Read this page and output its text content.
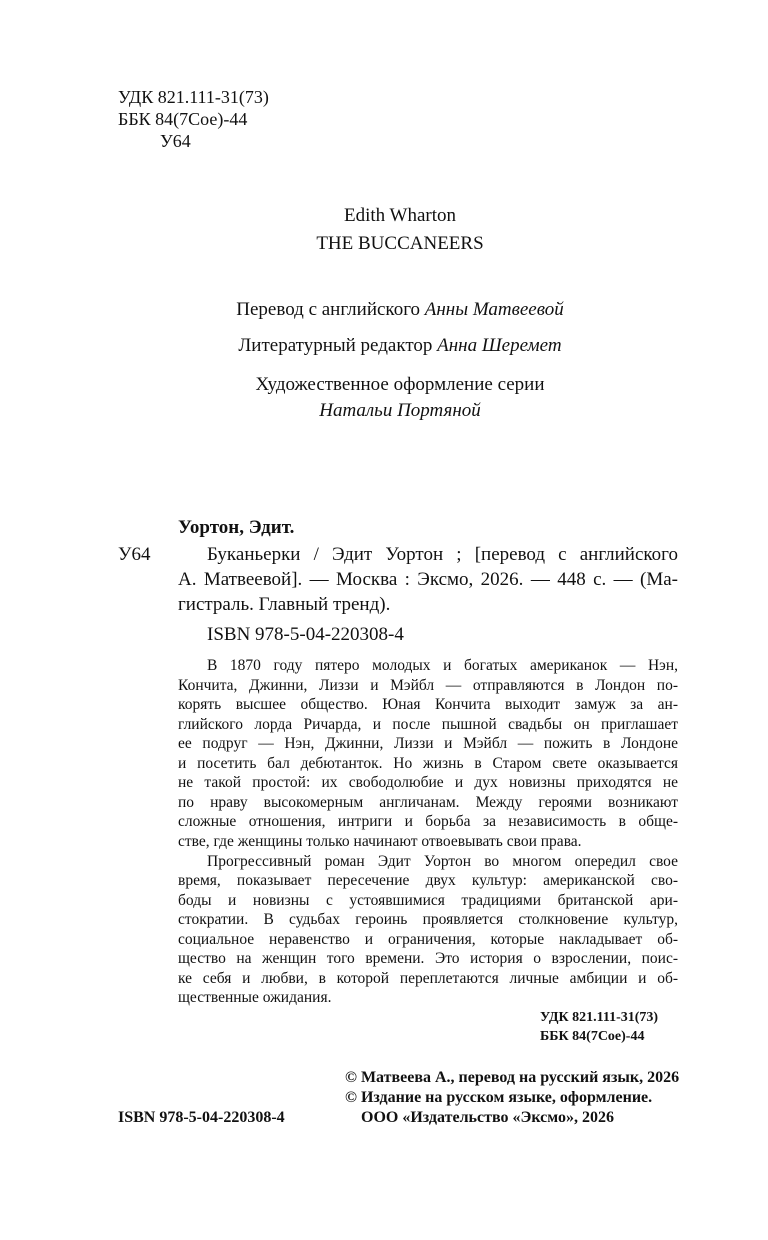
УДК 821.111-31(73)
ББК 84(7Сое)-44
У64
Edith Wharton
THE BUCCANEERS
Перевод с английского Анны Матвеевой
Литературный редактор Анна Шеремет
Художественное оформление серии
Натальи Портяной
Уортон, Эдит.
У64	Буканьерки / Эдит Уортон ; [перевод с английского
А. Матвеевой]. — Москва : Эксмо, 2026. — 448 с. — (Ма-
гистраль. Главный тренд).
ISBN 978-5-04-220308-4
В 1870 году пятеро молодых и богатых американок — Нэн,
Кончита, Джинни, Лиззи и Мэйбл — отправляются в Лондон по-
корять высшее общество. Юная Кончита выходит замуж за ан-
глийского лорда Ричарда, и после пышной свадьбы он приглашает
ее подруг — Нэн, Джинни, Лиззи и Мэйбл — пожить в Лондоне
и посетить бал дебютанток. Но жизнь в Старом свете оказывается
не такой простой: их свободолюбие и дух новизны приходятся не
по нраву высокомерным англичанам. Между героями возникают
сложные отношения, интриги и борьба за независимость в обще-
стве, где женщины только начинают отвоевывать свои права.
Прогрессивный роман Эдит Уортон во многом опередил свое
время, показывает пересечение двух культур: американской сво-
боды и новизны с устоявшимися традициями британской ари-
стократии. В судьбах героинь проявляется столкновение культур,
социальное неравенство и ограничения, которые накладывает об-
щество на женщин того времени. Это история о взрослении, поис-
ке себя и любви, в которой переплетаются личные амбиции и об-
щественные ожидания.
УДК 821.111-31(73)
ББК 84(7Сое)-44
© Матвеева А., перевод на русский язык, 2026
© Издание на русском языке, оформление.
ООО «Издательство «Эксмо», 2026
ISBN 978-5-04-220308-4
